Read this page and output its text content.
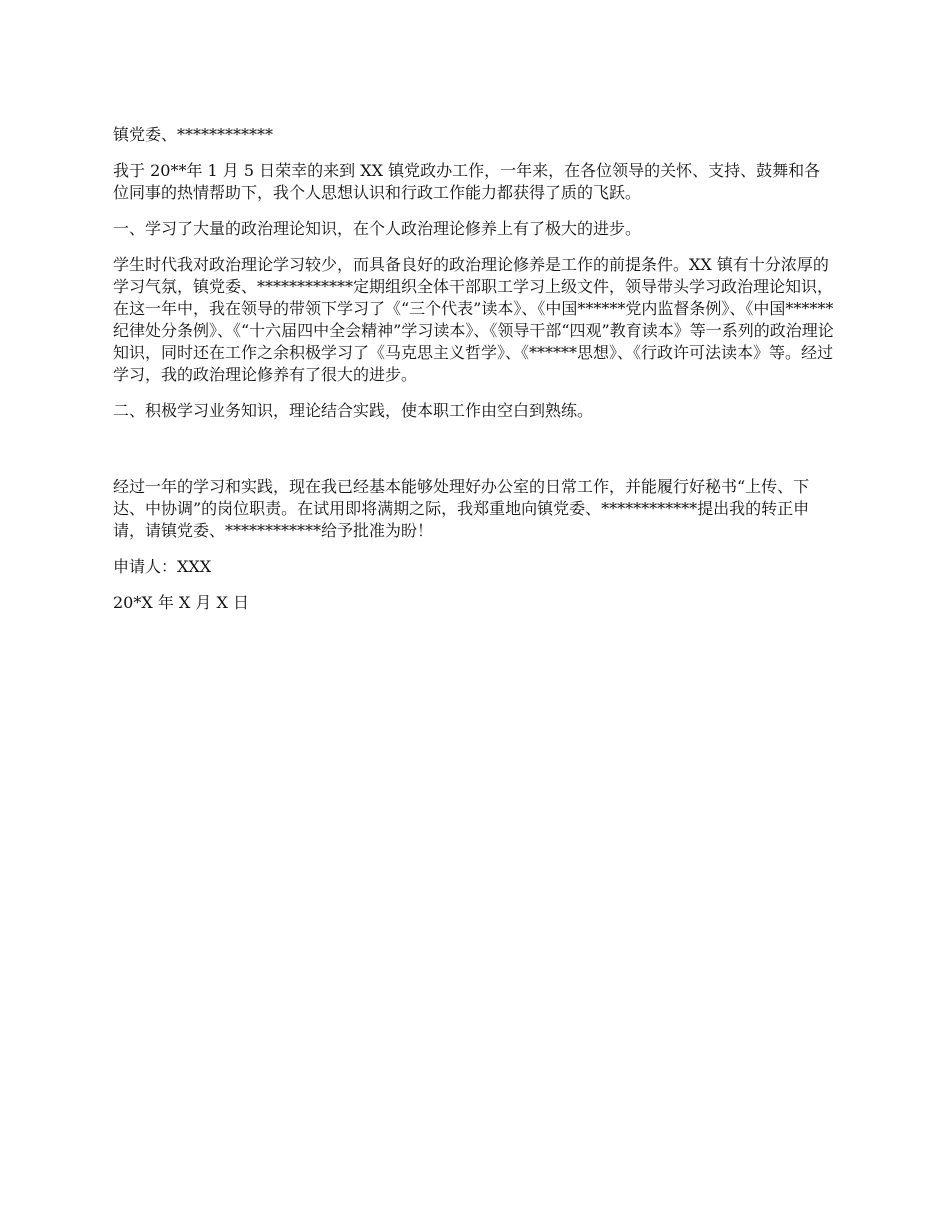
镇党委、************

我于 20**年 1 月 5 日荣幸的来到 XX 镇党政办工作，一年来，在各位领导的关怀、支持、鼓舞和各位同事的热情帮助下，我个人思想认识和行政工作能力都获得了质的飞跃。

一、学习了大量的政治理论知识，在个人政治理论修养上有了极大的进步。

学生时代我对政治理论学习较少，而具备良好的政治理论修养是工作的前提条件。XX 镇有十分浓厚的学习气氛，镇党委、************定期组织全体干部职工学习上级文件，领导带头学习政治理论知识，在这一年中，我在领导的带领下学习了《“三个代表”读本》、《中国******党内监督条例》、《中国******纪律处分条例》、《“十六届四中全会精神”学习读本》、《领导干部“四观”教育读本》等一系列的政治理论知识，同时还在工作之余积极学习了《马克思主义哲学》、《******思想》、《行政许可法读本》等。经过学习，我的政治理论修养有了很大的进步。

二、积极学习业务知识，理论结合实践，使本职工作由空白到熟练。

经过一年的学习和实践，现在我已经基本能够处理好办公室的日常工作，并能履行好秘书“上传、下达、中协调”的岗位职责。在试用即将满期之际，我郑重地向镇党委、************提出我的转正申请，请镇党委、************给予批准为盼！

申请人：XXX

20*X 年 X 月 X 日
